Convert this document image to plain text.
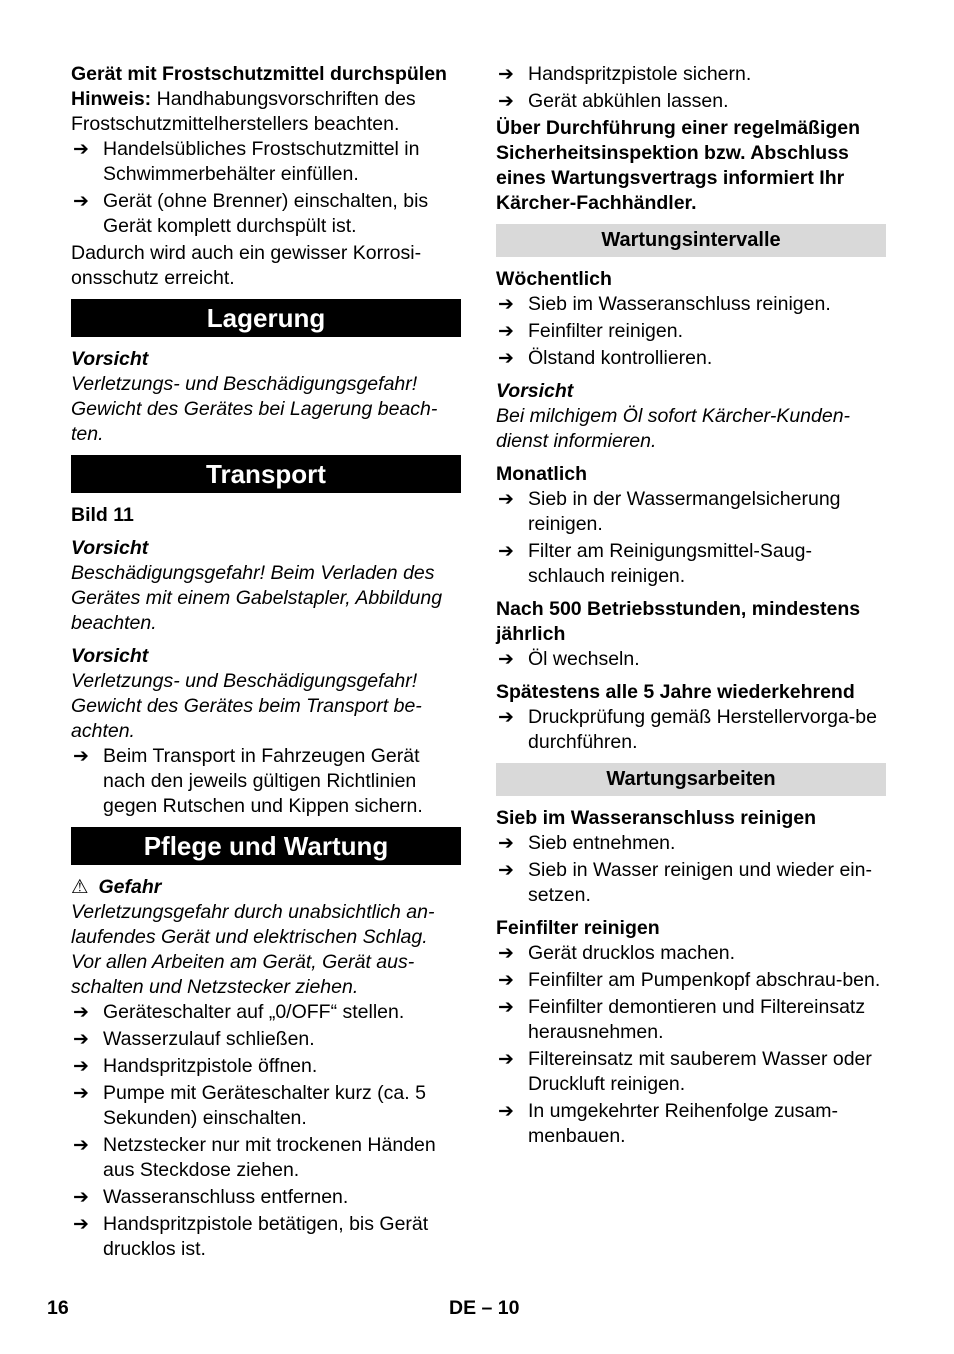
Gerät mit Frostschutzmittel durchspülen

Hinweis: Handhabungsvorschriften des Frostschutzmittelherstellers beachten.

➔ Handelsübliches Frostschutzmittel in Schwimmerbehälter einfüllen.
➔ Gerät (ohne Brenner) einschalten, bis Gerät komplett durchspült ist.

Dadurch wird auch ein gewisser Korrosi-onsschutz erreicht.

Lagerung

Vorsicht

Verletzungs- und Beschädigungsgefahr! Gewicht des Gerätes bei Lagerung beach-ten.

Transport

Bild 11

Vorsicht

Beschädigungsgefahr! Beim Verladen des Gerätes mit einem Gabelstapler, Abbildung beachten.

Vorsicht

Verletzungs- und Beschädigungsgefahr! Gewicht des Gerätes beim Transport be-achten.

➔ Beim Transport in Fahrzeugen Gerät nach den jeweils gültigen Richtlinien gegen Rutschen und Kippen sichern.
Pflege und Wartung

⚠ Gefahr

Verletzungsgefahr durch unabsichtlich an-laufendes Gerät und elektrischen Schlag. Vor allen Arbeiten am Gerät, Gerät aus-schalten und Netzstecker ziehen.

➔ Geräteschalter auf „0/OFF“ stellen.
➔ Wasserzulauf schließen.
➔ Handspritzpistole öffnen.
➔ Pumpe mit Geräteschalter kurz (ca. 5 Sekunden) einschalten.
➔ Netzstecker nur mit trockenen Händen aus Steckdose ziehen.
➔ Wasseranschluss entfernen.
➔ Handspritzpistole betätigen, bis Gerät drucklos ist.
➔ Handspritzpistole sichern.
➔ Gerät abkühlen lassen.

Über Durchführung einer regelmäßigen Sicherheitsinspektion bzw. Abschluss eines Wartungsvertrags informiert Ihr Kärcher-Fachhändler.

Wartungsintervalle

Wöchentlich

➔ Sieb im Wasseranschluss reinigen.
➔ Feinfilter reinigen.
➔ Ölstand kontrollieren.

Vorsicht

Bei milchigem Öl sofort Kärcher-Kunden-dienst informieren.

Monatlich

➔ Sieb in der Wassermangelsicherung reinigen.
➔ Filter am Reinigungsmittel-Saug-schlauch reinigen.

Nach 500 Betriebsstunden, mindestens jährlich

➔ Öl wechseln.

Spätestens alle 5 Jahre wiederkehrend

➔ Druckprüfung gemäß Herstellervorga-be durchführen.
Wartungsarbeiten

Sieb im Wasseranschluss reinigen

➔ Sieb entnehmen.
➔ Sieb in Wasser reinigen und wieder ein-setzen.

Feinfilter reinigen

➔ Gerät drucklos machen.
➔ Feinfilter am Pumpenkopf abschrau-ben.
➔ Feinfilter demontieren und Filtereinsatz herausnehmen.
➔ Filtereinsatz mit sauberem Wasser oder Druckluft reinigen.
➔ In umgekehrter Reihenfolge zusam-menbauen.
16	DE – 10
